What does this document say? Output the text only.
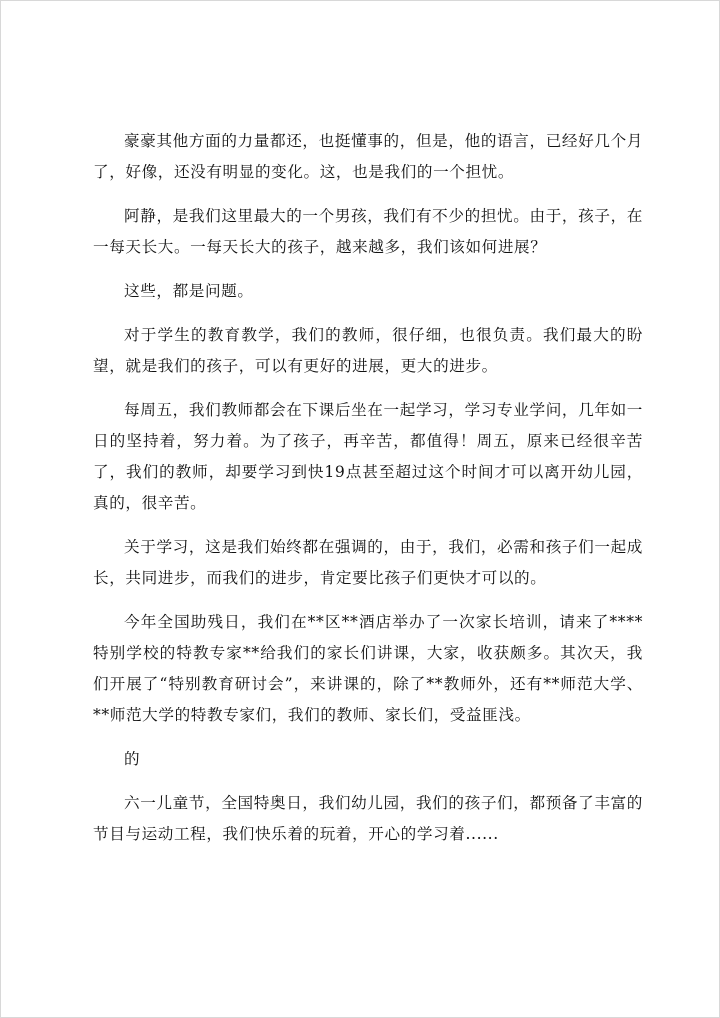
豪豪其他方面的力量都还，也挺懂事的，但是，他的语言，已经好几个月了，好像，还没有明显的变化。这，也是我们的一个担忧。

阿静，是我们这里最大的一个男孩，我们有不少的担忧。由于，孩子，在一每天长大。一每天长大的孩子，越来越多，我们该如何进展？

这些，都是问题。

对于学生的教育教学，我们的教师，很仔细，也很负责。我们最大的盼望，就是我们的孩子，可以有更好的进展，更大的进步。

每周五，我们教师都会在下课后坐在一起学习，学习专业学问，几年如一日的坚持着，努力着。为了孩子，再辛苦，都值得！周五，原来已经很辛苦了，我们的教师，却要学习到快19点甚至超过这个时间才可以离开幼儿园，真的，很辛苦。

关于学习，这是我们始终都在强调的，由于，我们，必需和孩子们一起成长，共同进步，而我们的进步，肯定要比孩子们更快才可以的。

今年全国助残日，我们在**区**酒店举办了一次家长培训，请来了****特别学校的特教专家**给我们的家长们讲课，大家，收获颇多。其次天，我们开展了“特别教育研讨会”，来讲课的，除了**教师外，还有**师范大学、**师范大学的特教专家们，我们的教师、家长们，受益匪浅。

的

六一儿童节，全国特奥日，我们幼儿园，我们的孩子们，都预备了丰富的节目与运动工程，我们快乐着的玩着，开心的学习着......
